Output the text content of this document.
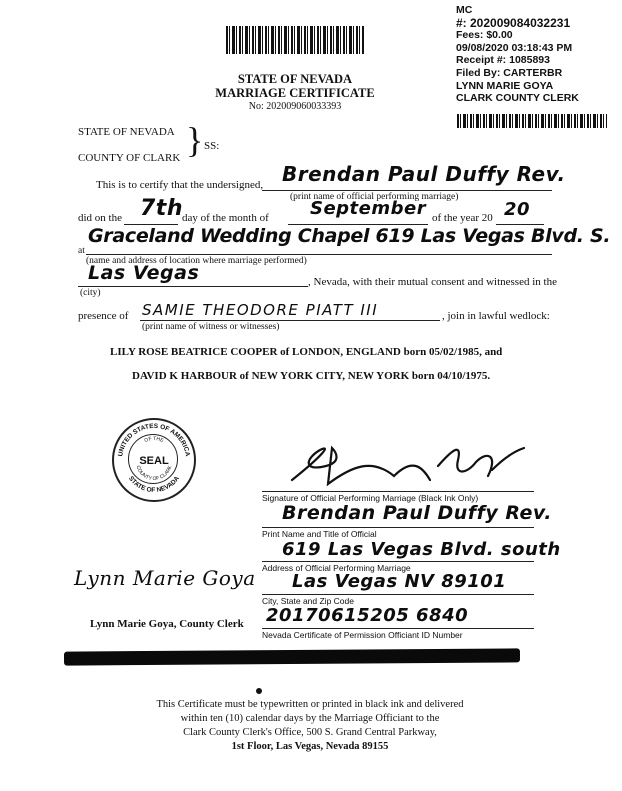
MC
#: 202009084032231
Fees: $0.00
09/08/2020 03:18:43 PM
Receipt #: 1085893
Filed By: CARTERBR
LYNN MARIE GOYA
CLARK COUNTY CLERK
STATE OF NEVADA
MARRIAGE CERTIFICATE
No: 202009060033393
STATE OF NEVADA
COUNTY OF CLARK } SS:
This is to certify that the undersigned, Brendan Paul Duffy Rev.
(print name of official performing marriage)
did on the 7th day of the month of September of the year 20 20
at
Graceland Wedding Chapel 619 Las Vegas Blvd. S.
(name and address of location where marriage performed)
Las Vegas	, Nevada, with their mutual consent and witnessed in the
(city)
presence of SAMIE THEODORE PIATT III	, join in lawful wedlock:
(print name of witness or witnesses)
LILY ROSE BEATRICE COOPER of LONDON, ENGLAND born 05/02/1985, and
DAVID K HARBOUR of NEW YORK CITY, NEW YORK born 04/10/1975.
UNITED STATES OF AMERICA
STATE OF NEVADA
OF THE
COUNTY OF CLARK
SEAL
Signature of Official Performing Marriage (Black Ink Only)
Brendan Paul Duffy Rev.
Print Name and Title of Official
619 Las Vegas Blvd. south
Address of Official Performing Marriage
Las Vegas NV 89101
City, State and Zip Code
20170615205 6840
Nevada Certificate of Permission Officiant ID Number
Lynn Marie Goya
Lynn Marie Goya, County Clerk
This Certificate must be typewritten or printed in black ink and delivered
within ten (10) calendar days by the Marriage Officiant to the
Clark County Clerk's Office, 500 S. Grand Central Parkway,
1st Floor, Las Vegas, Nevada 89155
